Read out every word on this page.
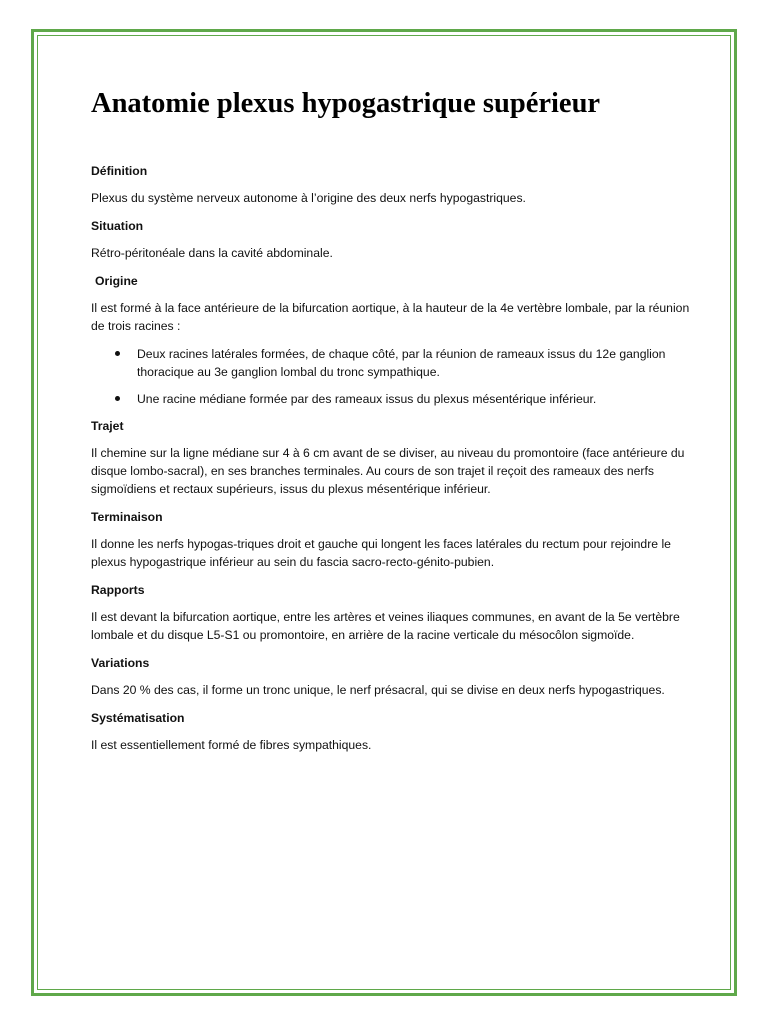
Anatomie plexus hypogastrique supérieur
Définition

Plexus du système nerveux autonome à l’origine des deux nerfs hypogastriques.

Situation

Rétro-péritonéale dans la cavité abdominale.

Origine

Il est formé à la face antérieure de la bifurcation aortique, à la hauteur de la 4e vertèbre lombale, par la réunion de trois racines :

Deux racines latérales formées, de chaque côté, par la réunion de rameaux issus du 12e ganglion thoracique au 3e ganglion lombal du tronc sympathique.
Une racine médiane formée par des rameaux issus du plexus mésentérique inférieur.
Trajet

Il chemine sur la ligne médiane sur 4 à 6 cm avant de se diviser, au niveau du promontoire (face antérieure du disque lombo-sacral), en ses branches terminales. Au cours de son trajet il reçoit des rameaux des nerfs sigmoïdiens et rectaux supérieurs, issus du plexus mésentérique inférieur.

Terminaison

Il donne les nerfs hypogas-triques droit et gauche qui longent les faces latérales du rectum pour rejoindre le plexus hypogastrique inférieur au sein du fascia sacro-recto-génito-pubien.

Rapports

Il est devant la bifurcation aortique, entre les artères et veines iliaques communes, en avant de la 5e vertèbre lombale et du disque L5-S1 ou promontoire, en arrière de la racine verticale du mésocôlon sigmoïde.

Variations

Dans 20 % des cas, il forme un tronc unique, le nerf présacral, qui se divise en deux nerfs hypogastriques.

Systématisation

Il est essentiellement formé de fibres sympathiques.
